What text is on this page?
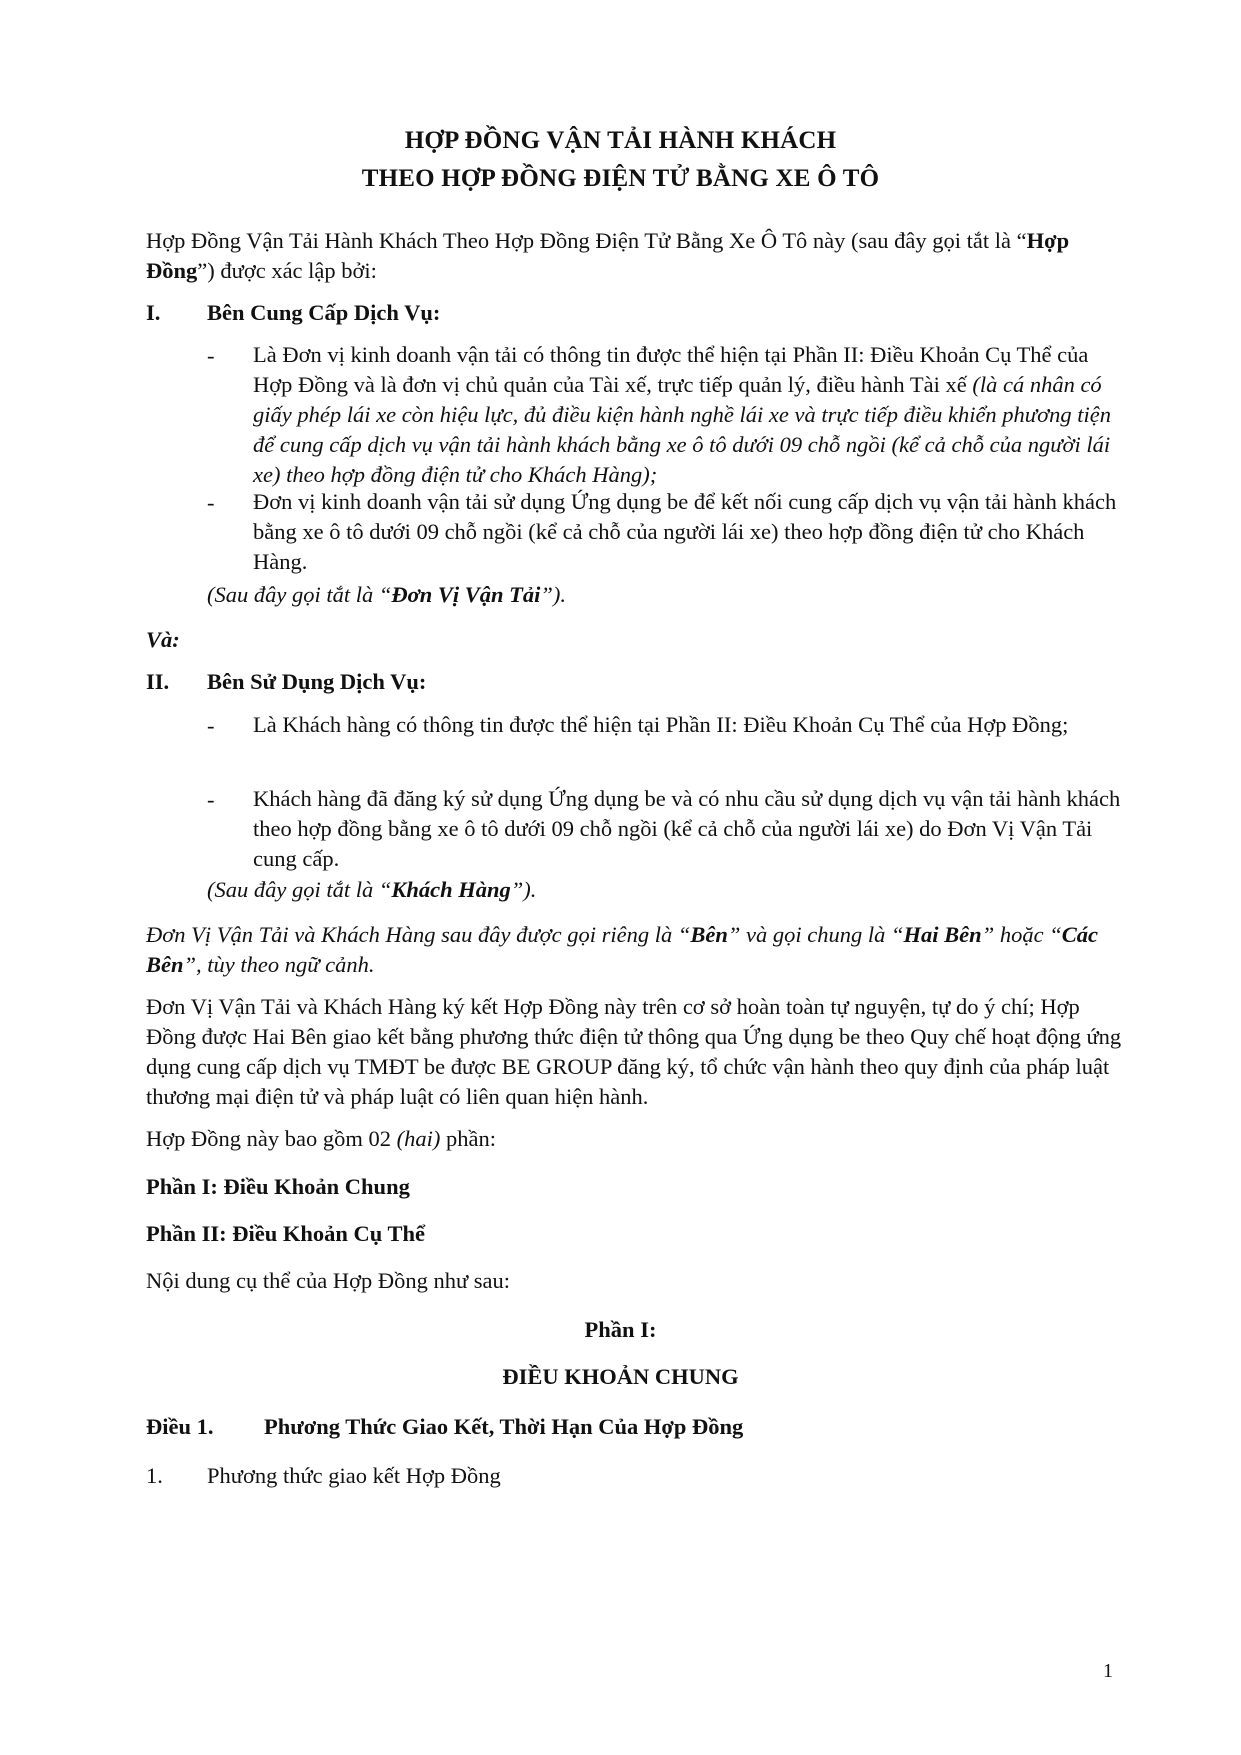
HỢP ĐỒNG VẬN TẢI HÀNH KHÁCH
THEO HỢP ĐỒNG ĐIỆN TỬ BẰNG XE Ô TÔ

Hợp Đồng Vận Tải Hành Khách Theo Hợp Đồng Điện Tử Bằng Xe Ô Tô này (sau đây gọi tắt là “Hợp Đồng”) được xác lập bởi:

I. Bên Cung Cấp Dịch Vụ:
- Là Đơn vị kinh doanh vận tải có thông tin được thể hiện tại Phần II: Điều Khoản Cụ Thể của Hợp Đồng và là đơn vị chủ quản của Tài xế, trực tiếp quản lý, điều hành Tài xế (là cá nhân có giấy phép lái xe còn hiệu lực, đủ điều kiện hành nghề lái xe và trực tiếp điều khiển phương tiện để cung cấp dịch vụ vận tải hành khách bằng xe ô tô dưới 09 chỗ ngồi (kể cả chỗ của người lái xe) theo hợp đồng điện tử cho Khách Hàng);

- Đơn vị kinh doanh vận tải sử dụng Ứng dụng be để kết nối cung cấp dịch vụ vận tải hành khách bằng xe ô tô dưới 09 chỗ ngồi (kể cả chỗ của người lái xe) theo hợp đồng điện tử cho Khách Hàng.

(Sau đây gọi tắt là “Đơn Vị Vận Tải”).

Và:
II. Bên Sử Dụng Dịch Vụ:
- Là Khách hàng có thông tin được thể hiện tại Phần II: Điều Khoản Cụ Thể của Hợp Đồng;

- Khách hàng đã đăng ký sử dụng Ứng dụng be và có nhu cầu sử dụng dịch vụ vận tải hành khách theo hợp đồng bằng xe ô tô dưới 09 chỗ ngồi (kể cả chỗ của người lái xe) do Đơn Vị Vận Tải cung cấp.

(Sau đây gọi tắt là “Khách Hàng”).

Đơn Vị Vận Tải và Khách Hàng sau đây được gọi riêng là “Bên” và gọi chung là “Hai Bên” hoặc “Các Bên”, tùy theo ngữ cảnh.

Đơn Vị Vận Tải và Khách Hàng ký kết Hợp Đồng này trên cơ sở hoàn toàn tự nguyện, tự do ý chí; Hợp Đồng được Hai Bên giao kết bằng phương thức điện tử thông qua Ứng dụng be theo Quy chế hoạt động ứng dụng cung cấp dịch vụ TMĐT be được BE GROUP đăng ký, tổ chức vận hành theo quy định của pháp luật thương mại điện tử và pháp luật có liên quan hiện hành.

Hợp Đồng này bao gồm 02 (hai) phần:

Phần I: Điều Khoản Chung
Phần II: Điều Khoản Cụ Thể
Nội dung cụ thể của Hợp Đồng như sau:
Phần I:
ĐIỀU KHOẢN CHUNG
Điều 1. Phương Thức Giao Kết, Thời Hạn Của Hợp Đồng
1. Phương thức giao kết Hợp Đồng
1
